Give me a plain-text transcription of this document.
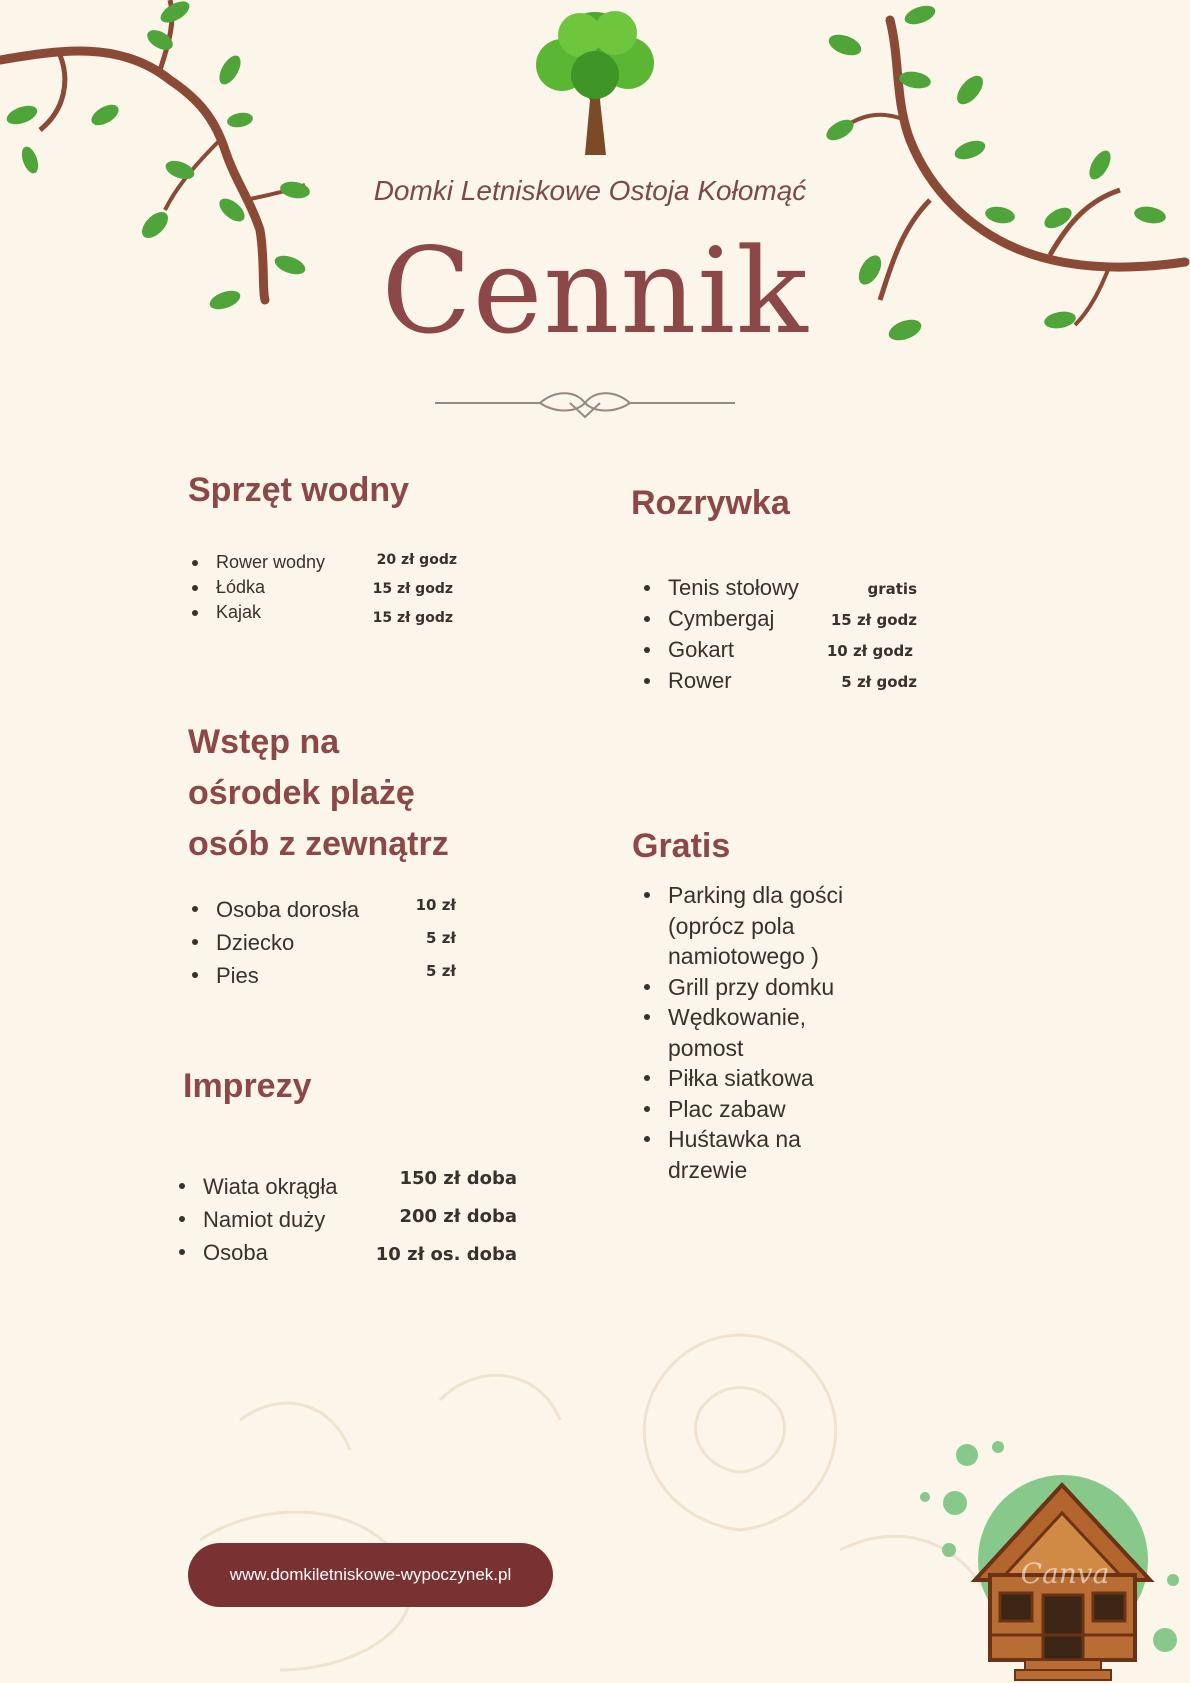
Domki Letniskowe Ostoja Kołomąć
Cennik
Sprzęt wodny
Rower wodny
Łódka
Kajak
20 zł godz
15 zł godz
15 zł godz
Rozrywka
Tenis stołowy
Cymbergaj
Gokart
Rower
gratis
15 zł godz
10 zł godz
5 zł godz
Wstęp na
ośrodek plażę
osób z zewnątrz
Osoba dorosła
Dziecko
Pies
10 zł
5 zł
5 zł
Gratis
Parking dla gości
(oprócz pola
namiotowego )
Grill przy domku
Wędkowanie,
pomost
Piłka siatkowa
Plac zabaw
Huśtawka na
drzewie
Imprezy
Wiata okrągła
Namiot duży
Osoba
150 zł doba
200 zł doba
10 zł os. doba
www.domkiletniskowe-wypoczynek.pl	Canva
